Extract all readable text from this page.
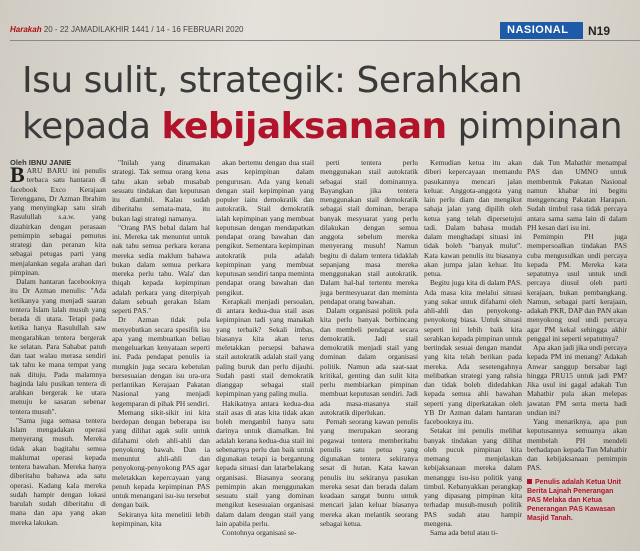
Harakah 20 - 22 JAMADILAKHIR 1441 / 14 - 16 FEBRUARI 2020	NASIONAL	N19
Isu sulit, strategik: Serahkan
kepada kebijaksanaan pimpinan
Oleh IBNU JANIE

BARU BARU ini penulis terbaca satu hantaran di facebook Exco Kerajaan Terengganu, Dr Azman Ibrahim yang menyingkap satu sirah Rasulullah s.a.w. yang dizahirkan dengan perasaan pemimpin sebagai pemutus strategi dan peranan kita sebagai petugas parti yang menjalankan segala arahan dari pimpinan.

Dalam hantaran facebooknya itu Dr Azman menulis: "Ada ketikanya yang menjadi saaran tentera Islam lalah musuh yang berada di utara. Tetapi pada ketika hanya Rasulullah saw mengarahkan tentera bergerak ke selatan. Para Sahabat patuh dan taat walau merasa sendiri tak tahu ke mana tempat yang nak dituju. Pada malamnya baginda lalu pusikan tentera di arahkan bergerak ke utara menuju ke sasaran sebenar tentera musuh".

"Sama juga semasa tentera Islam mengadakan operasi menyerang musuh. Mereka tidak akan bagitahu semua maklumat operasi kepada tentera bawahan. Mereka hanya diberitahu bahawa ada satu operasi. Kadang kala mereka sudah hampir dengan lokasi barulah sudah diberitahu di mana dan apa yang akan mereka lakukan.

"Inilah yang dinamakan strategi. Tak semua orang kena tahu akan sebab musabab sesuatu tindakan dan keputusan itu diambil. Kalau sudah diberitahu semata-mata, itu bukan lagi strategi namanya.

"Orang PAS bebal dalam hal ini. Mereka tak menuntut untuk nak tahu semua perkara kerana mereka sedia maklum bahawa bukan dalam semua perkara mereka perlu tahu. Wala' dan thiqah kepada kepimpinan adalah perkara yang diterpiyah dalam sebuah gerakan Islam seperti PAS."

Dr Azman tidak pula menyebutkan secara spesifik isu apa yang membuatkan beliau mengeluarkan kenyataan seperti ini. Pada pendapat penulis ia mungkin juga secara kebetulan bersesuaian dengan isu ura-ura perlantikan Kerajaan Pakatan Nasional yang menjadi kegemparan di pihak PH sendiri.

Memang sikit-sikit ini kita berdepan dengan beberapa isu yang dilihat agak sulit untuk difahami oleh ahli-ahli dan penyokong bawah. Dan ia menuntut ahli-ahli dan penyokong-penyokong PAS agar meletakkan kepercayaan yang penuh kepada kepimpinan PAS untuk menangani isu-isu tersebut dengan baik.

Sekiranya kita menelitii lebih kepimpinan, kita

akan bertemu dengan dua stail asas kepimpinan dalam pengurusan. Ada yang kenali dengan stail kepimpinan yang populer iaitu demokratik dan autokratik. Stail demokratik ialah kepimpinan yang membuat keputusan dengan mendapatkan pendapat orang bawahan dan pengikut. Sementara kepimpinan autokratik pula adalah kepimpinan yang membuat keputusan sendiri tanpa meminta pendapat orang bawahan dan pengikut.

Kerapkali menjadi persoalan, di antara kedua-dua stail asas kepimpinan tadi yang manakah yang terbaik? Sekali imbas, biasanya kita akan terus meletakkan persepsi bahawa stail autokratik adalah stail yang paling buruk dan perlu dijauhi. Sudah pasti stail demokratik dianggap sebagai stail kepimpinan yang paling mulia.

Hakikatnya antara kedua-dua stail asas di atas kita tidak akan boleh menganbil hanya satu darinya untuk diamalkan. Ini adalah kerana kedua-dua stail ini sebenarnya perlu dan baik untuk digunakan tetapi ia bergantung kepada situasi dan latarbelakang organisasi. Biasanya seorang pemimpin akan menggunakan sesuatu stail yang dominan mengikut kesesuaian organisasi dalam dalam dengan stail yang lain apabila perlu.

Contohnya organisasi se-

perti tentera perlu menggunakan stail autokratik sebagai stail dominannya. Bayangkan jika tentera menggunakan stail demokratik sebagai stail dominan, berapa banyak mesyuarat yang perlu dilakukan dengan semua anggota sebelum mereka menyerang musuh! Namun begitu di dalam tentera tidaklah sepanjang masa mereka menggunakan stail autokratik. Dalam hal-hal tertentu mereka juga bermesyuarat dan meminta pendapat orang bawahan.

Dalam organisasi politik pula kita perlu banyak berbincang dan membeli pendapat secara demokratik. Jadi stail demokratik menjadi stail yang dominan dalam organisasi politik. Namun ada saat-saat kritikal, genting dan sulit kita perlu membiarkan pimpinan membuat keputusan sendiri. Jadi ada masa-masanya stail autokratik diperlukan.

Pernah seorang kawan penulis yang merupakan seorang pegawai tentera memberitahu penulis satu petua yang digunakan tentera sekiranya sesat di hutan. Kata kawan penulis itu sekiranya pasukan mereka sesat dan berada dalam keadaan sangat buntu untuk mencari jalan keluar biasanya mereka akan melantik seorang sebagai ketua.

Kemudian ketua itu akan diberi kepercayaan memandu pasukannya mencari jalan keluar. Anggota-anggota yang lain perlu diam dan mengikut sahaja jalan yang dipilih oleh ketua yang telah dipersetujui tadi. Dalam bahasa mudah dalam menghadapi situasi ini tidak boleh "banyak mulut". Kata kawan penulis itu biasanya akan jumpa jalan keluar. Itu petua.

Begitu juga kita di dalam PAS. Ada masa kita melalui situasi yang sukar untuk difahami oleh ahli-ahli dan penyokong-penyokong biasa. Untuk situasi seperti ini lebih baik kita serahkan kepada pimpinan untuk bertindak sesuai dengan mandat yang kita telah berikan pada mereka. Ada sesetengahnya melibatkan strategi yang rahsia dan tidak boleh didedahkan kepada semua ahli bawahan seperti yang diperkatakan oleh YB Dr Azman dalam hantaran facebooknya itu.

Setakat ini penulis melihat banyak tindakan yang dilihat oleh pucuk pimpinan kita memang menjelaskan kebijaksanaan mereka dalam menanggu isu-isu politik yang timbul. Kebanyakkan perangkap yang dipasang pimpinan kita terhadap musuh-musuh politik PAS sudah atau hampir mengena.

Sama ada betul atau ti-

dak Tun Mahathir menampal PAS dan UMNO untuk membentuk Pakatan Nasional namun khabar ini begitu menggencang Pakatan Harapan. Sudah timbul rasa tidak percaya antara sama sama lain di dalam PH kesan dari isu ini.

Pemimpin PH juga mempersoalkan tindakan PAS cuba mengusulkan undi percaya kepada PM. Mereka kata sepatutnya usul untuk undi percaya diusul oleh parti kerajaan, bukan pembangkang. Namun, sebagai parti kerajaan, adakah PKR, DAP dan PAN akan menyokong usul undi percaya agar PM kekal sehingga akhir penggal ini seperti sepatutnya?

Apa akan jadi jika undi percaya kepada PM ini menang? Adakah Anwar sanggup bersabar lagi hingga PRU15 untuk jadi PM? Jika usul ini gagal adakah Tun Mahathir pula akan melepas jawatan PM serta merta hadi undian ini?

Yang menariknya, apa pun keputusannya semuanya akan membelah PH mendeli berhadapan kepada Tun Mahathir dan kebijaksanaan pemimpin PAS.

Penulis adalah Ketua Unit Berita Lajnah Penerangan PAS Melaka dan Ketua Penerangan PAS Kawasan Masjid Tanah.
